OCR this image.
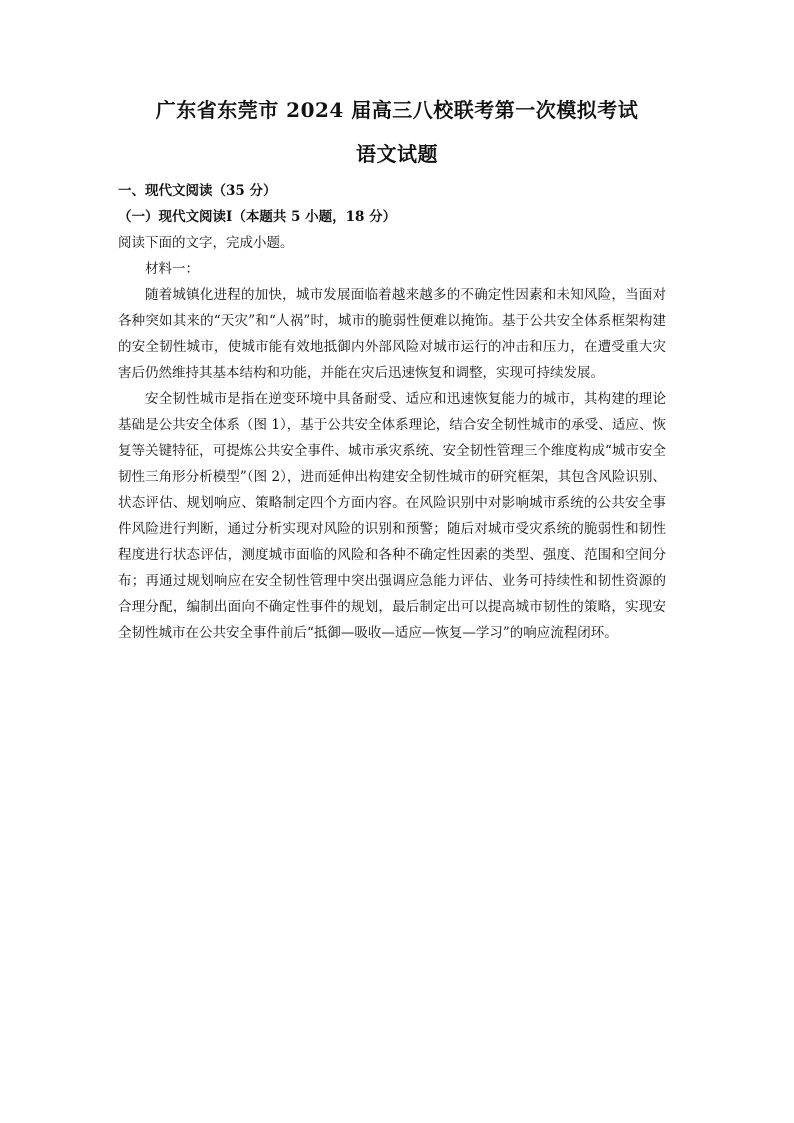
广东省东莞市 2024 届高三八校联考第一次模拟考试
语文试题

一、现代文阅读（35 分）

（一）现代文阅读Ⅰ（本题共 5 小题，18 分）

阅读下面的文字，完成小题。

材料一：

随着城镇化进程的加快，城市发展面临着越来越多的不确定性因素和未知风险，当面对各种突如其来的“天灾”和“人祸”时，城市的脆弱性便难以掩饰。基于公共安全体系框架构建的安全韧性城市，使城市能有效地抵御内外部风险对城市运行的冲击和压力，在遭受重大灾害后仍然维持其基本结构和功能，并能在灾后迅速恢复和调整，实现可持续发展。

安全韧性城市是指在逆变环境中具备耐受、适应和迅速恢复能力的城市，其构建的理论基础是公共安全体系（图 1），基于公共安全体系理论，结合安全韧性城市的承受、适应、恢复等关键特征，可提炼公共安全事件、城市承灾系统、安全韧性管理三个维度构成“城市安全韧性三角形分析模型”（图 2），进而延伸出构建安全韧性城市的研究框架，其包含风险识别、状态评估、规划响应、策略制定四个方面内容。在风险识别中对影响城市系统的公共安全事件风险进行判断，通过分析实现对风险的识别和预警；随后对城市受灾系统的脆弱性和韧性程度进行状态评估，测度城市面临的风险和各种不确定性因素的类型、强度、范围和空间分布；再通过规划响应在安全韧性管理中突出强调应急能力评估、业务可持续性和韧性资源的合理分配，编制出面向不确定性事件的规划，最后制定出可以提高城市韧性的策略，实现安全韧性城市在公共安全事件前后“抵御—吸收—适应—恢复—学习”的响应流程闭环。
